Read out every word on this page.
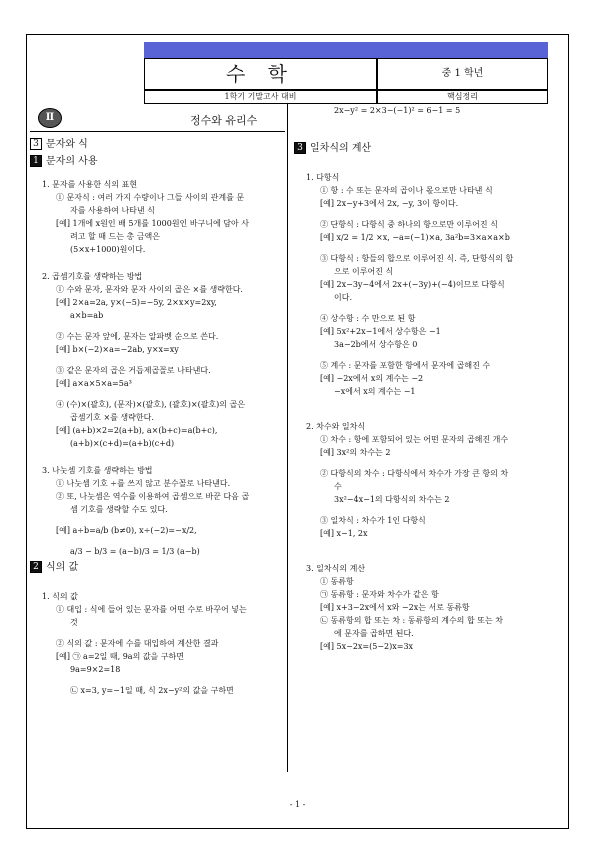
수 학	중 1 학년
1학기 기말고사 대비	핵심정리
Ⅱ	정수와 유리수
3 문자와 식
1 문자의 사용

1. 문자를 사용한 식의 표현

① 문자식 : 여러 가지 수량이나 그들 사이의 관계를 문

자를 사용하여 나타낸 식

[예] 1개에 x원인 배 5개를 1000원인 바구니에 담아 사

려고 할 때 드는 총 금액은

(5×x+1000)원이다.

2. 곱셈기호를 생략하는 방법

① 수와 문자, 문자와 문자 사이의 곱은 ×를 생략한다.

[예] 2×a=2a, y×(−5)=−5y, 2×x×y=2xy,

a×b=ab

② 수는 문자 앞에, 문자는 알파벳 순으로 쓴다.

[예] b×(−2)×a=−2ab, y×x=xy

③ 같은 문자의 곱은 거듭제곱꼴로 나타낸다.

[예] a×a×5×a=5a³

④ (수)×(괄호), (문자)×(괄호), (괄호)×(괄호)의 곱은

곱셈기호 ×를 생략한다.

[예] (a+b)×2=2(a+b), a×(b+c)=a(b+c),

(a+b)×(c+d)=(a+b)(c+d)

3. 나눗셈 기호를 생략하는 방법

① 나눗셈 기호 ÷를 쓰지 않고 분수꼴로 나타낸다.

② 또, 나눗셈은 역수를 이용하여 곱셈으로 바꾼 다음 곱

셈 기호를 생략할 수도 있다.

[예] a÷b=a/b (b≠0), x÷(−2)=−x/2,

a/3 − b/3 = (a−b)/3 = 1/3 (a−b)

2 식의 값

1. 식의 값

① 대입 : 식에 들어 있는 문자를 어떤 수로 바꾸어 넣는

것

② 식의 값 : 문자에 수를 대입하여 계산한 결과

[예] ㉠ a=2일 때, 9a의 값을 구하면

9a=9×2=18

㉡ x=3, y=−1일 때, 식 2x−y²의 값을 구하면

2x−y² = 2×3−(−1)² = 6−1 = 5

3 일차식의 계산

1. 다항식

① 항 : 수 또는 문자의 곱이나 몫으로만 나타낸 식

[예] 2x−y+3에서 2x, −y, 3이 항이다.

② 단항식 : 다항식 중 하나의 항으로만 이루어진 식

[예] x/2 = 1/2 ×x, −a=(−1)×a, 3a²b=3×a×a×b

③ 다항식 : 항들의 합으로 이루어진 식. 즉, 단항식의 합

으로 이루어진 식

[예] 2x−3y−4에서 2x+(−3y)+(−4)이므로 다항식

이다.

④ 상수항 : 수 만으로 된 항

[예] 5x²+2x−1에서 상수항은 −1

3a−2b에서 상수항은 0

⑤ 계수 : 문자를 포함한 항에서 문자에 곱해진 수

[예] −2x에서 x의 계수는 −2

−x에서 x의 계수는 −1

2. 차수와 일차식

① 차수 : 항에 포함되어 있는 어떤 문자의 곱해진 개수

[예] 3x²의 차수는 2

② 다항식의 차수 : 다항식에서 차수가 가장 큰 항의 차

수

3x²−4x−1의 다항식의 차수는 2

③ 일차식 : 차수가 1인 다항식

[예] x−1, 2x

3. 일차식의 계산

① 동류항

㉠ 동류항 : 문자와 차수가 같은 항

[예] x+3−2x에서 x와 −2x는 서로 동류항

㉡ 동류항의 합 또는 차 : 동류항의 계수의 합 또는 차

에 문자를 곱하면 된다.

[예] 5x−2x=(5−2)x=3x

- 1 -
